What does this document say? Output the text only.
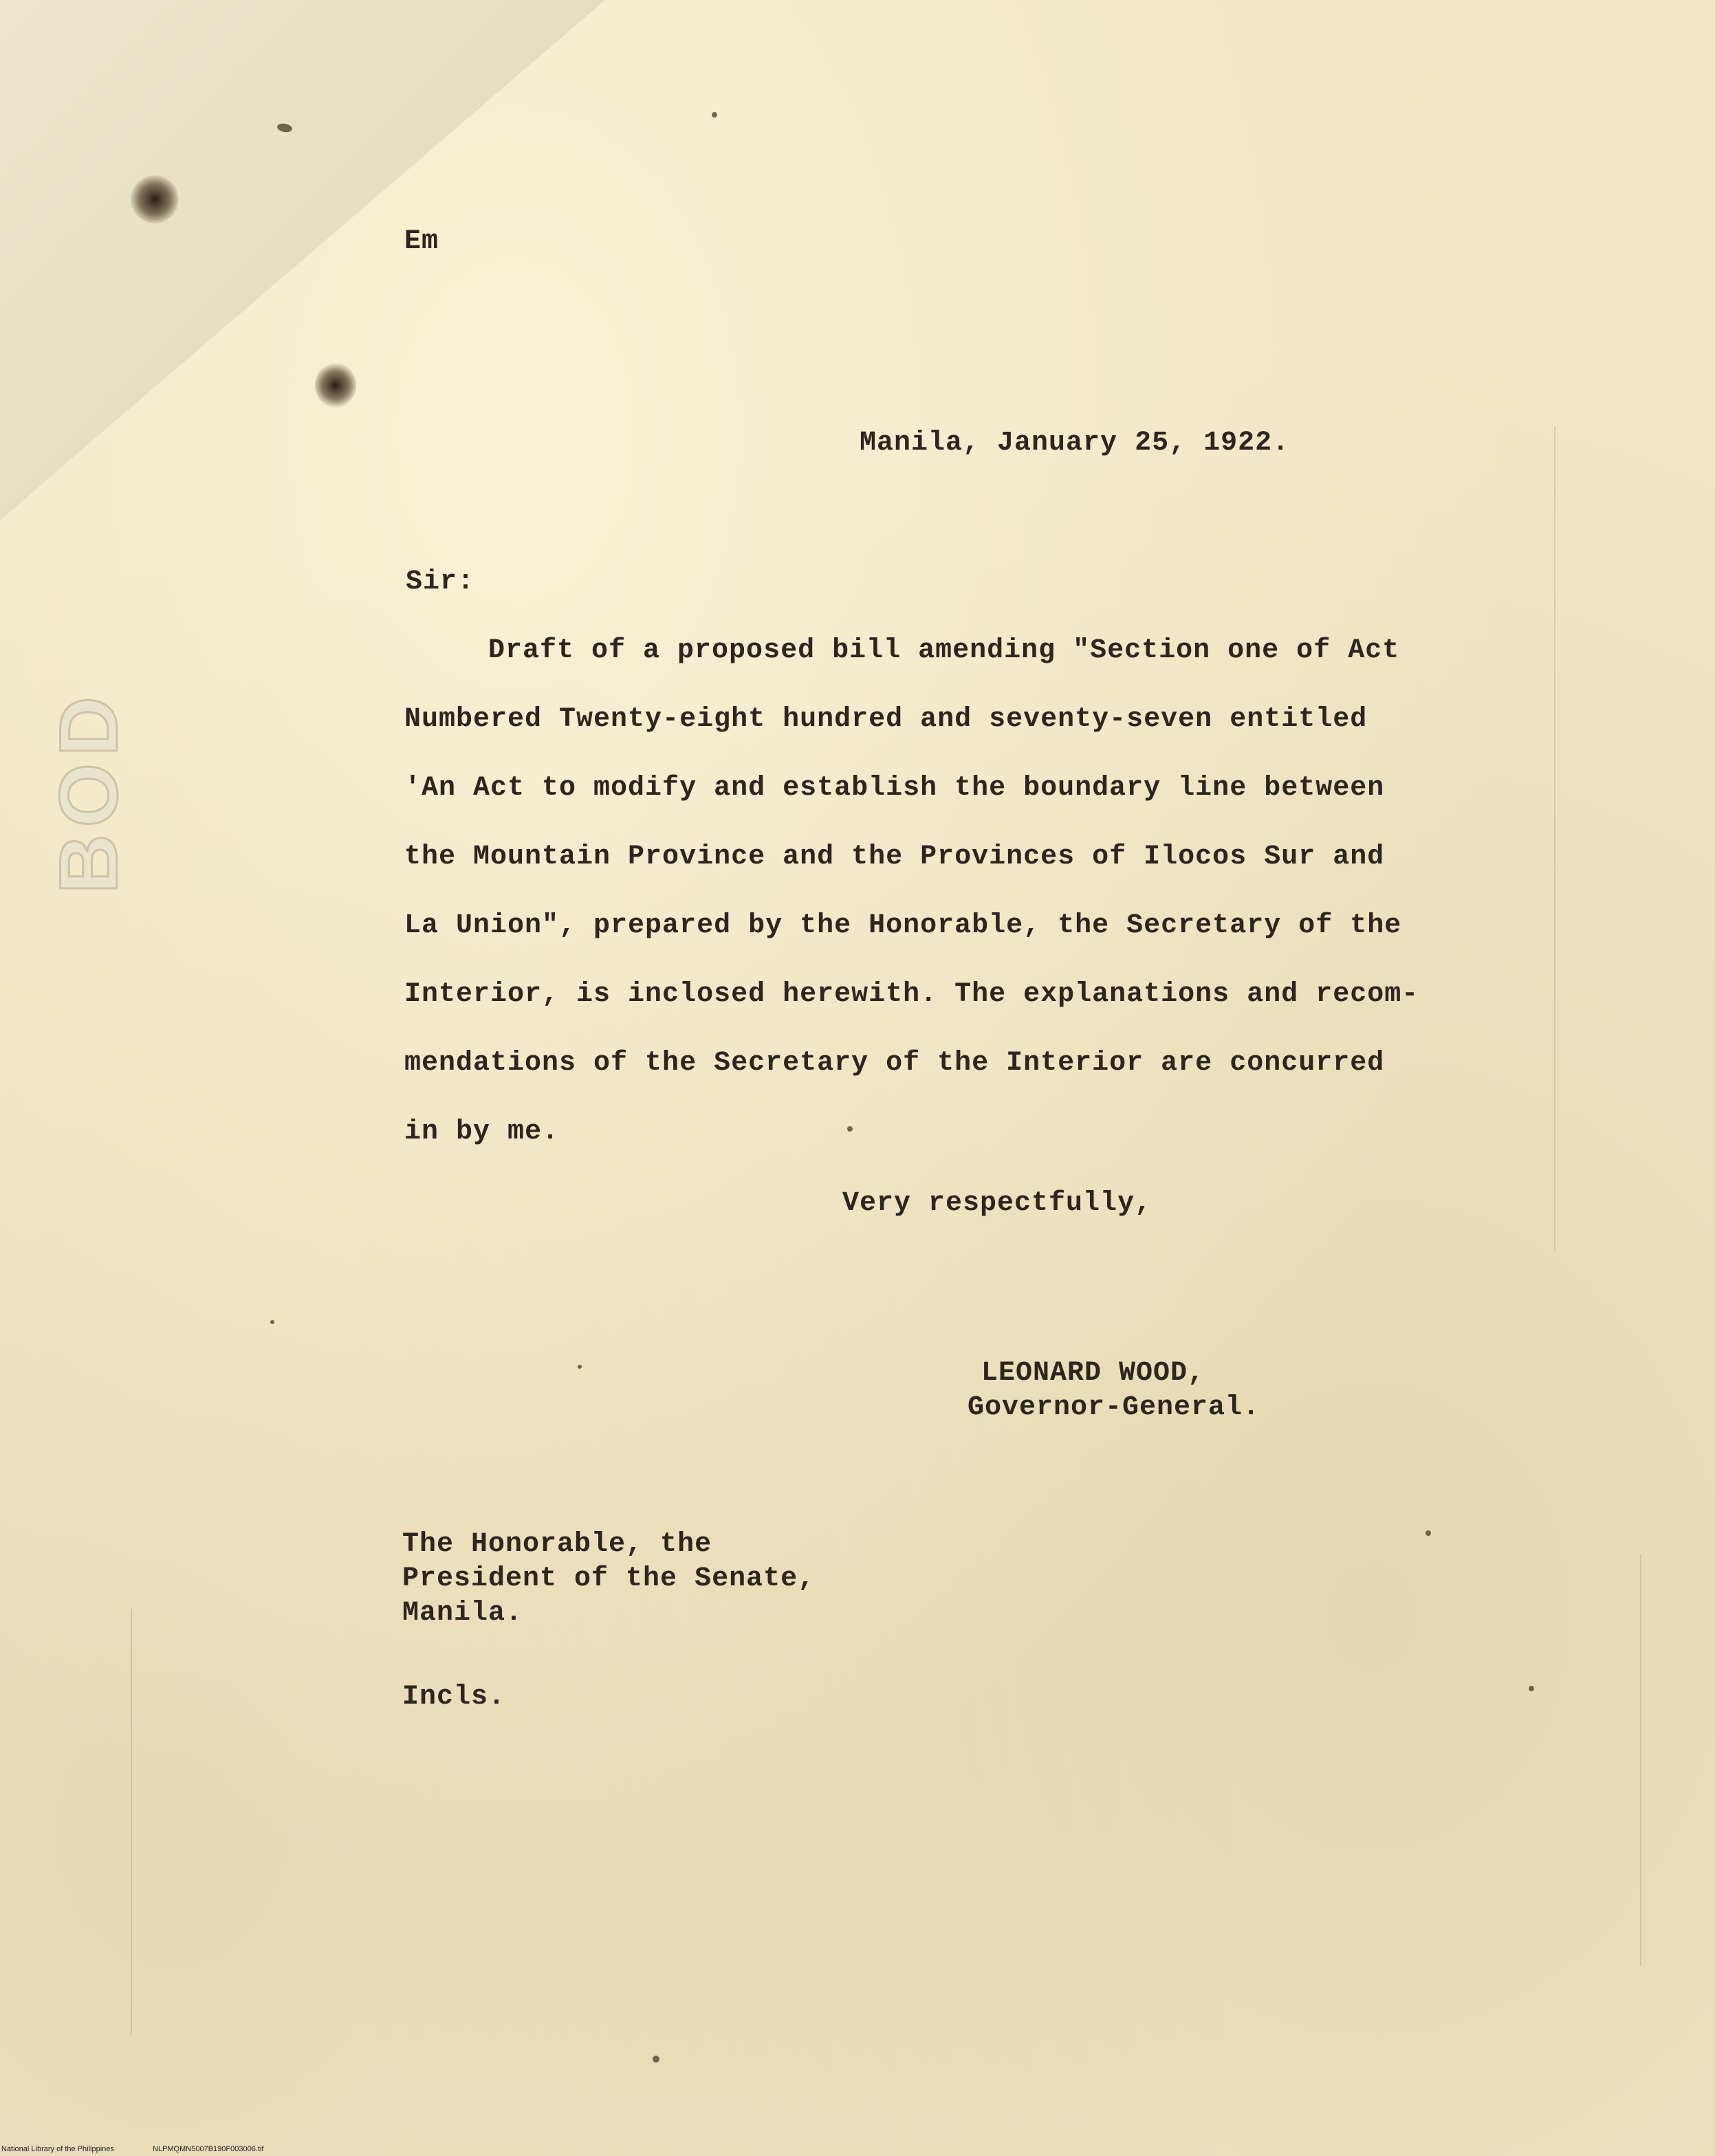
BOD
Em
Manila, January 25, 1922.
Sir:
Draft of a proposed bill amending "Section one of Act
Numbered Twenty-eight hundred and seventy-seven entitled
'An Act to modify and establish the boundary line between
the Mountain Province and the Provinces of Ilocos Sur and
La Union", prepared by the Honorable, the Secretary of the
Interior, is inclosed herewith. The explanations and recom-
mendations of the Secretary of the Interior are concurred
in by me.
Very respectfully,
LEONARD WOOD,
Governor-General.
The Honorable, the
President of the Senate,
Manila.
Incls.
National Library of the Philippines	NLPMQMN5007B190F003006.tif
